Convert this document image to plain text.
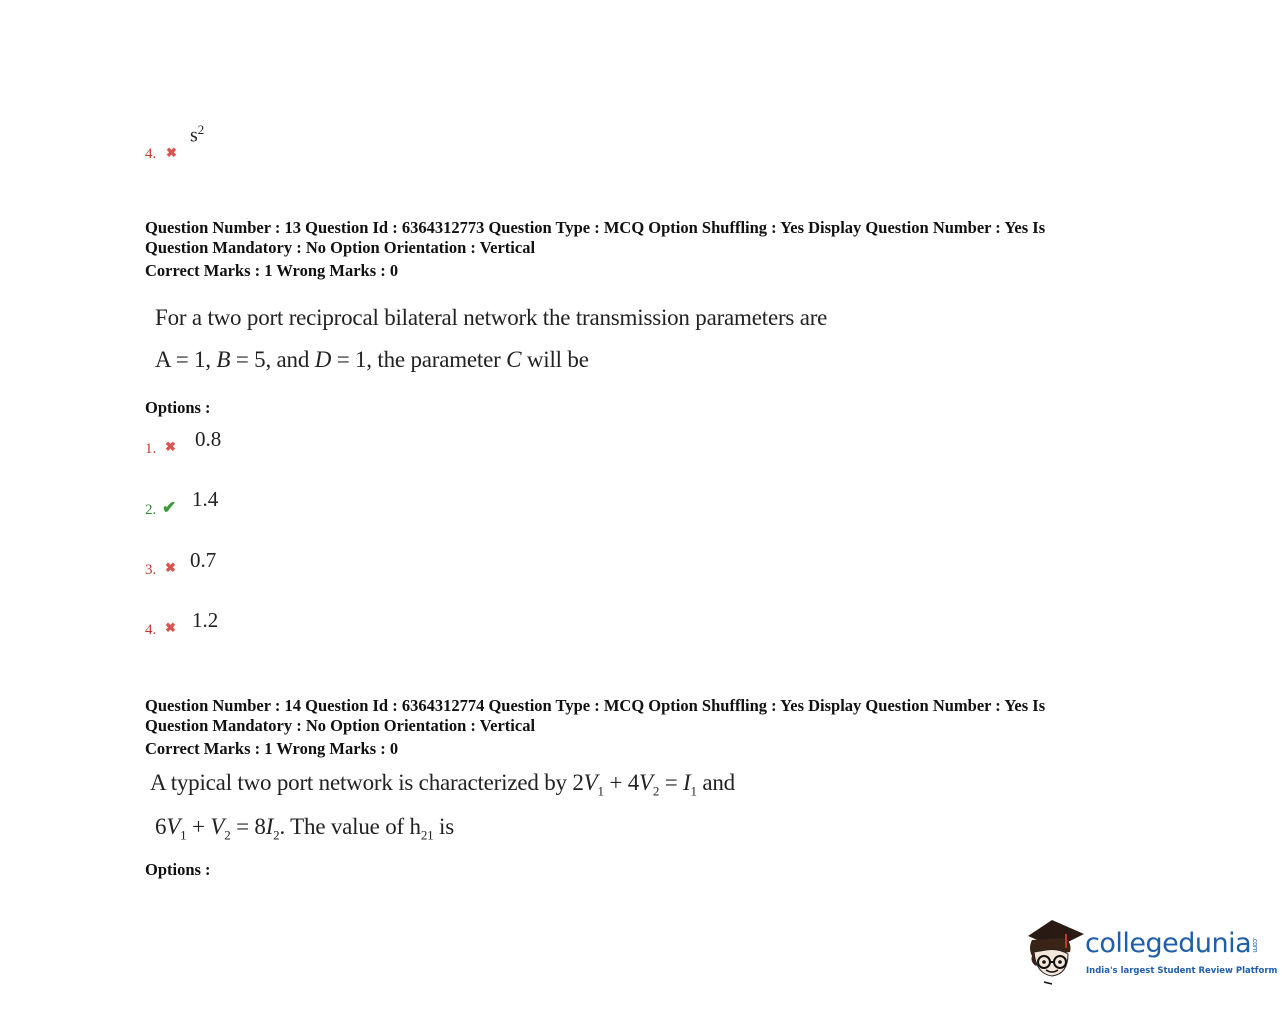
4. ✖
$s^2$
Question Number : 13 Question Id : 6364312773 Question Type : MCQ Option Shuffling : Yes Display Question Number : Yes Is
Question Mandatory : No Option Orientation : Vertical
Correct Marks : 1 Wrong Marks : 0
For a two port reciprocal bilateral network the transmission parameters are
A = 1, B = 5, and D = 1, the parameter C will be
Options :
1. ✖ 0.8
2. ✔ 1.4
3. ✖ 0.7
4. ✖ 1.2
Question Number : 14 Question Id : 6364312774 Question Type : MCQ Option Shuffling : Yes Display Question Number : Yes Is
Question Mandatory : No Option Orientation : Vertical
Correct Marks : 1 Wrong Marks : 0
A typical two port network is characterized by $2V_1 + 4V_2 = I_1$ and
$6V_1 + V_2 = 8I_2$. The value of $h_{21}$ is
Options :
collegedunia.com
India's largest Student Review Platform
